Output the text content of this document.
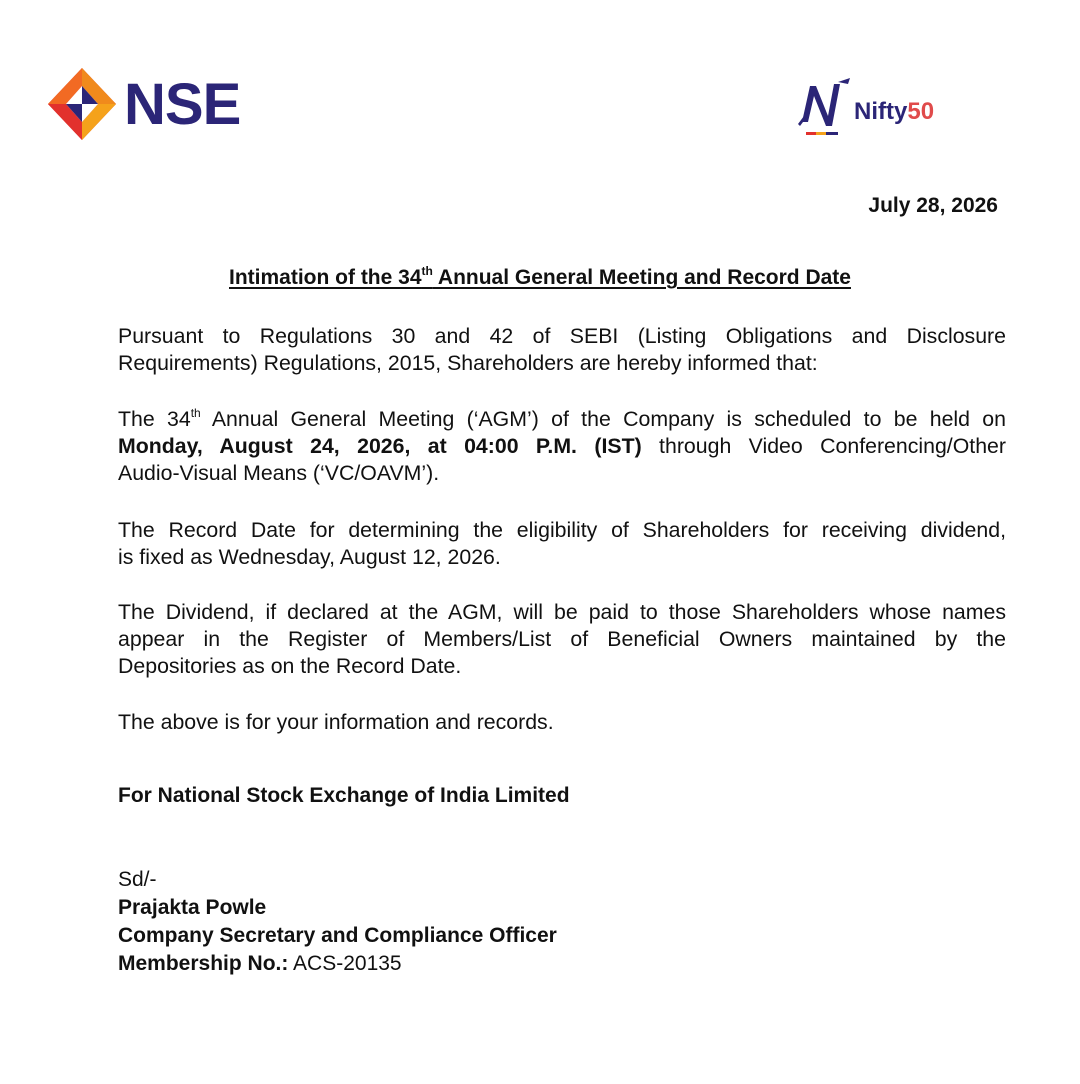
NSE	Nifty50
July 28, 2026
Intimation of the 34th Annual General Meeting and Record Date
Pursuant to Regulations 30 and 42 of SEBI (Listing Obligations and Disclosure
Requirements) Regulations, 2015, Shareholders are hereby informed that:
The 34th Annual General Meeting (‘AGM’) of the Company is scheduled to be held on
Monday, August 24, 2026, at 04:00 P.M. (IST) through Video Conferencing/Other
Audio-Visual Means (‘VC/OAVM’).
The Record Date for determining the eligibility of Shareholders for receiving dividend,
is fixed as Wednesday, August 12, 2026.
The Dividend, if declared at the AGM, will be paid to those Shareholders whose names
appear in the Register of Members/List of Beneficial Owners maintained by the
Depositories as on the Record Date.
The above is for your information and records.
For National Stock Exchange of India Limited
Sd/-
Prajakta Powle
Company Secretary and Compliance Officer
Membership No.: ACS-20135
